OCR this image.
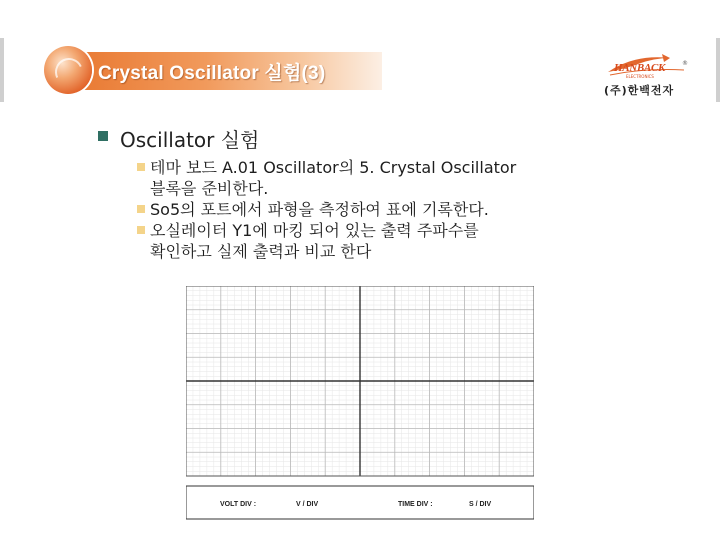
Crystal Oscillator 실험(3)	HANBACK
ELECTRONICS
®
(주)한백전자
Oscillator 실험
테마 보드 A.01 Oscillator의 5. Crystal Oscillator
블록을 준비한다.
So5의 포트에서 파형을 측정하여 표에 기록한다.
오실레이터 Y1에 마킹 되어 있는 출력 주파수를
확인하고 실제 출력과 비교 한다
VOLT DIV :	V / DIV	TIME DIV :	S / DIV
